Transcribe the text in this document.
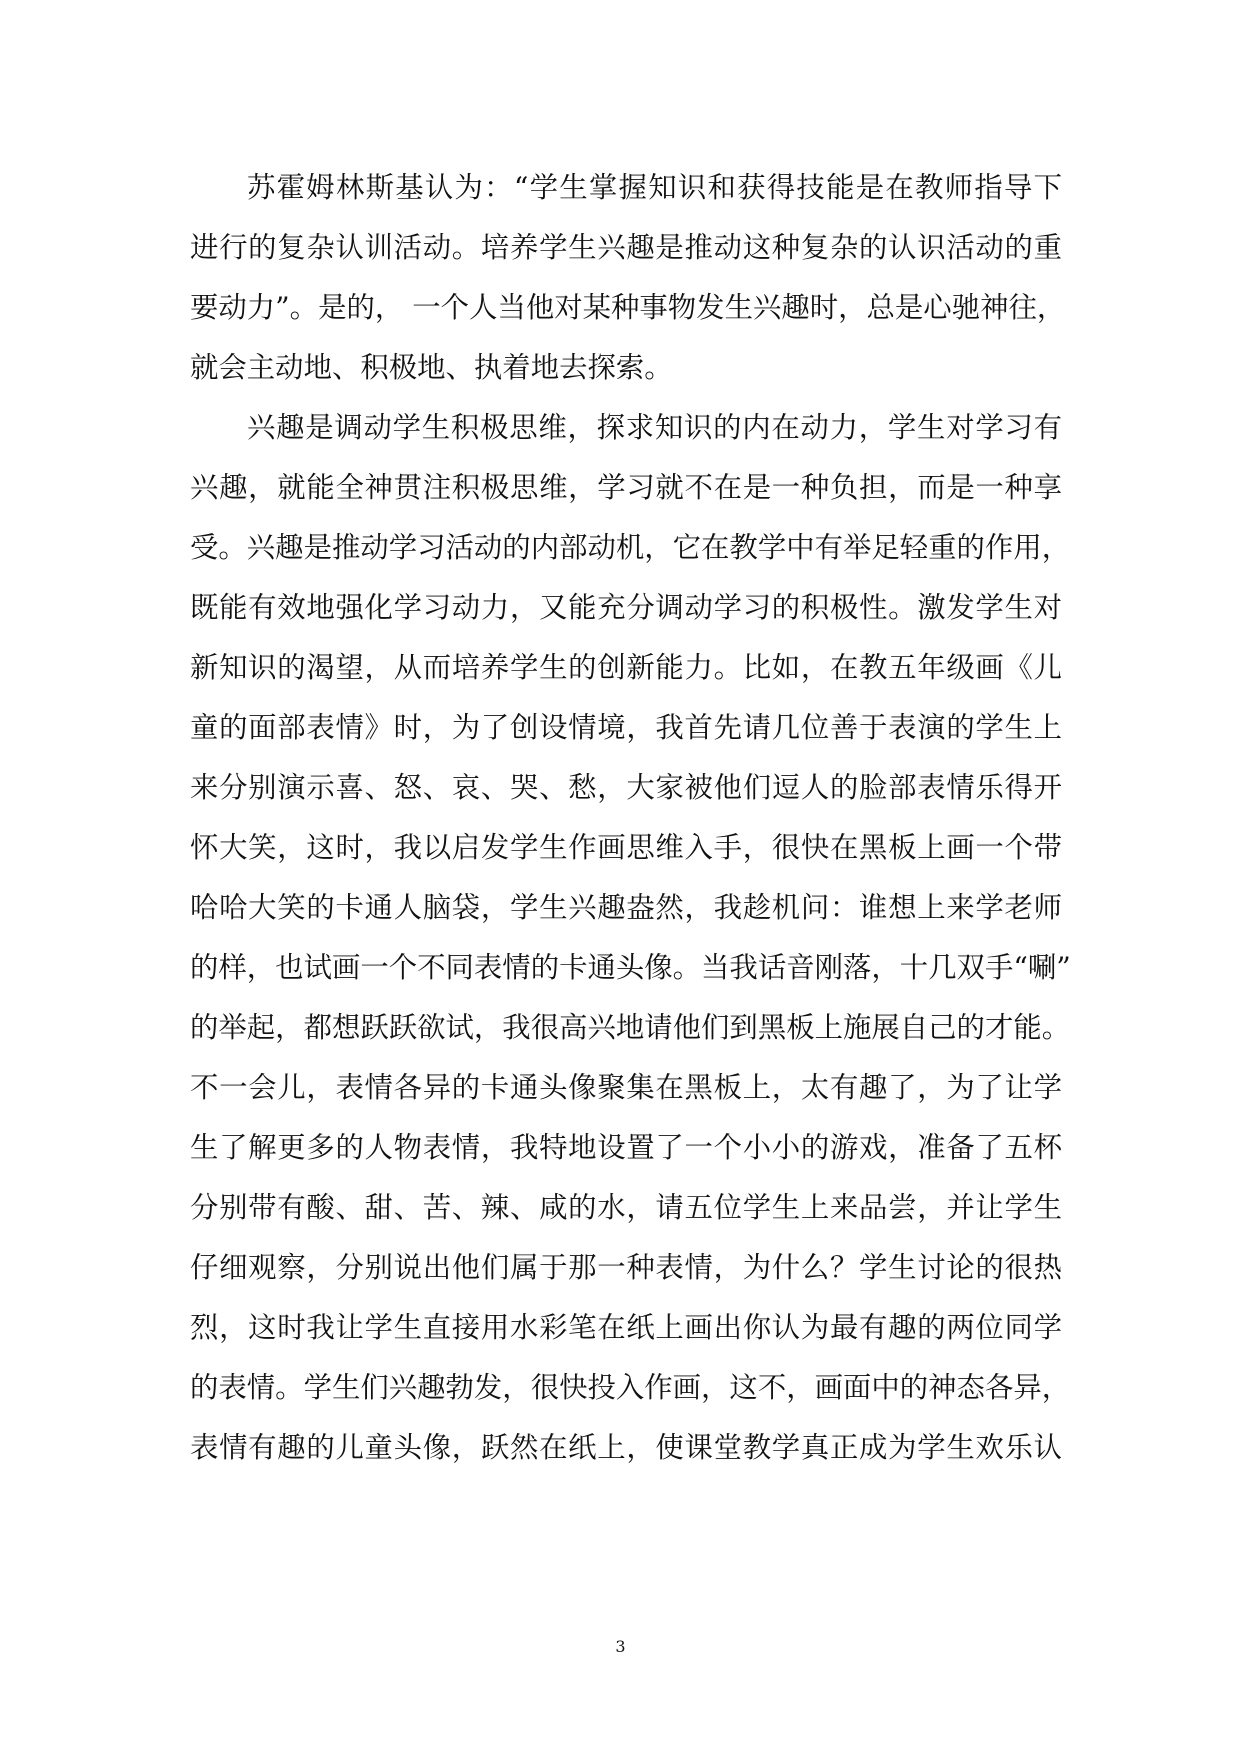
苏霍姆林斯基认为：“学生掌握知识和获得技能是在教师指导下
进行的复杂认训活动。培养学生兴趣是推动这种复杂的认识活动的重
要动力”。是的， 一个人当他对某种事物发生兴趣时，总是心驰神往，
就会主动地、积极地、执着地去探索。
兴趣是调动学生积极思维，探求知识的内在动力，学生对学习有
兴趣，就能全神贯注积极思维，学习就不在是一种负担，而是一种享
受。兴趣是推动学习活动的内部动机，它在教学中有举足轻重的作用，
既能有效地强化学习动力，又能充分调动学习的积极性。激发学生对
新知识的渴望，从而培养学生的创新能力。比如，在教五年级画《儿
童的面部表情》时，为了创设情境，我首先请几位善于表演的学生上
来分别演示喜、怒、哀、哭、愁，大家被他们逗人的脸部表情乐得开
怀大笑，这时，我以启发学生作画思维入手，很快在黑板上画一个带
哈哈大笑的卡通人脑袋，学生兴趣盎然，我趁机问：谁想上来学老师
的样，也试画一个不同表情的卡通头像。当我话音刚落，十几双手“唰”
的举起，都想跃跃欲试，我很高兴地请他们到黑板上施展自己的才能。
不一会儿，表情各异的卡通头像聚集在黑板上，太有趣了，为了让学
生了解更多的人物表情，我特地设置了一个小小的游戏，准备了五杯
分别带有酸、甜、苦、辣、咸的水，请五位学生上来品尝，并让学生
仔细观察，分别说出他们属于那一种表情，为什么？学生讨论的很热
烈，这时我让学生直接用水彩笔在纸上画出你认为最有趣的两位同学
的表情。学生们兴趣勃发，很快投入作画，这不，画面中的神态各异，
表情有趣的儿童头像，跃然在纸上，使课堂教学真正成为学生欢乐认
3
